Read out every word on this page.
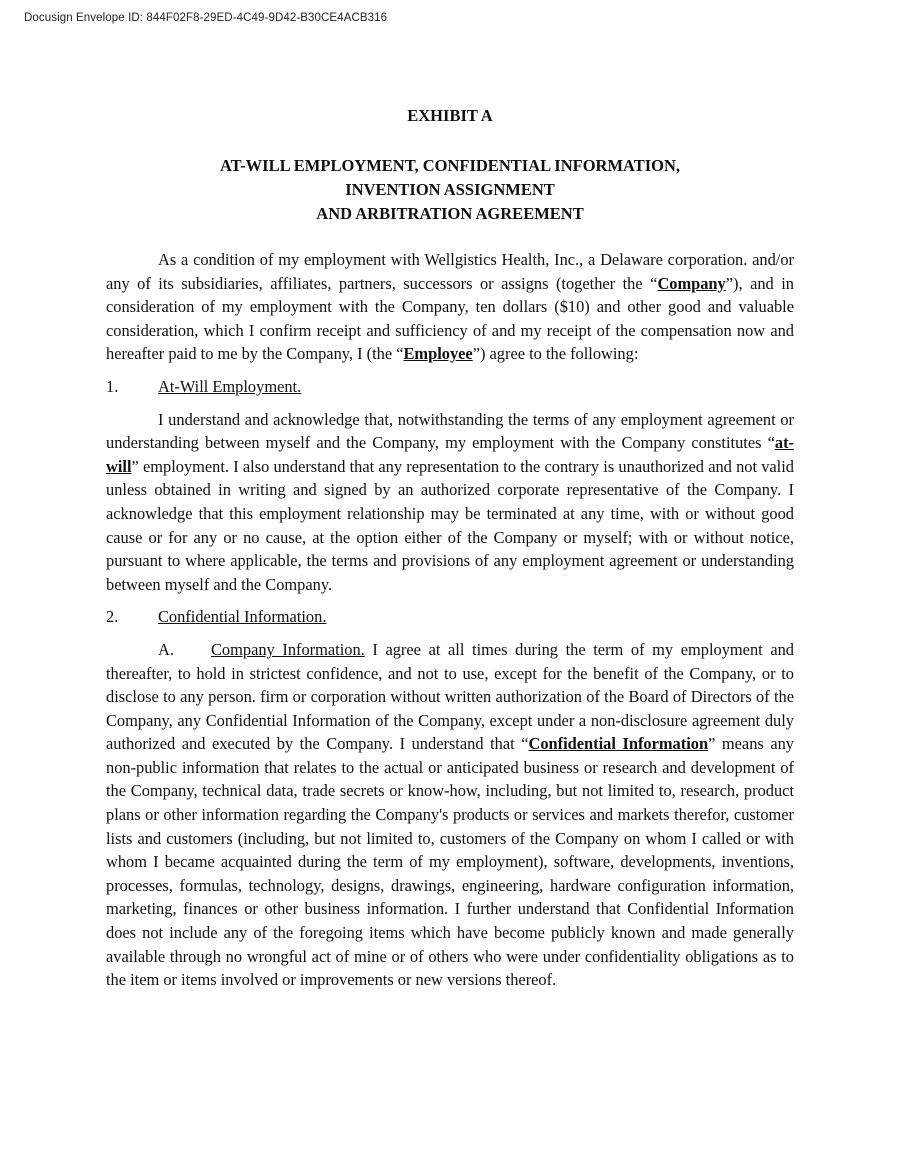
Docusign Envelope ID: 844F02F8-29ED-4C49-9D42-B30CE4ACB316
EXHIBIT A
AT-WILL EMPLOYMENT, CONFIDENTIAL INFORMATION,
INVENTION ASSIGNMENT
AND ARBITRATION AGREEMENT

As a condition of my employment with Wellgistics Health, Inc., a Delaware corporation. and/or any of its subsidiaries, affiliates, partners, successors or assigns (together the “Company”), and in consideration of my employment with the Company, ten dollars ($10) and other good and valuable consideration, which I confirm receipt and sufficiency of and my receipt of the compensation now and hereafter paid to me by the Company, I (the “Employee”) agree to the following:

1.	At-Will Employment.

I understand and acknowledge that, notwithstanding the terms of any employment agreement or understanding between myself and the Company, my employment with the Company constitutes “at-will” employment. I also understand that any representation to the contrary is unauthorized and not valid unless obtained in writing and signed by an authorized corporate representative of the Company. I acknowledge that this employment relationship may be terminated at any time, with or without good cause or for any or no cause, at the option either of the Company or myself; with or without notice, pursuant to where applicable, the terms and provisions of any employment agreement or understanding between myself and the Company.

2.	Confidential Information.

A. Company Information. I agree at all times during the term of my employment and thereafter, to hold in strictest confidence, and not to use, except for the benefit of the Company, or to disclose to any person. firm or corporation without written authorization of the Board of Directors of the Company, any Confidential Information of the Company, except under a non-disclosure agreement duly authorized and executed by the Company. I understand that “Confidential Information” means any non-public information that relates to the actual or anticipated business or research and development of the Company, technical data, trade secrets or know-how, including, but not limited to, research, product plans or other information regarding the Company's products or services and markets therefor, customer lists and customers (including, but not limited to, customers of the Company on whom I called or with whom I became acquainted during the term of my employment), software, developments, inventions, processes, formulas, technology, designs, drawings, engineering, hardware configuration information, marketing, finances or other business information. I further understand that Confidential Information does not include any of the foregoing items which have become publicly known and made generally available through no wrongful act of mine or of others who were under confidentiality obligations as to the item or items involved or improvements or new versions thereof.
